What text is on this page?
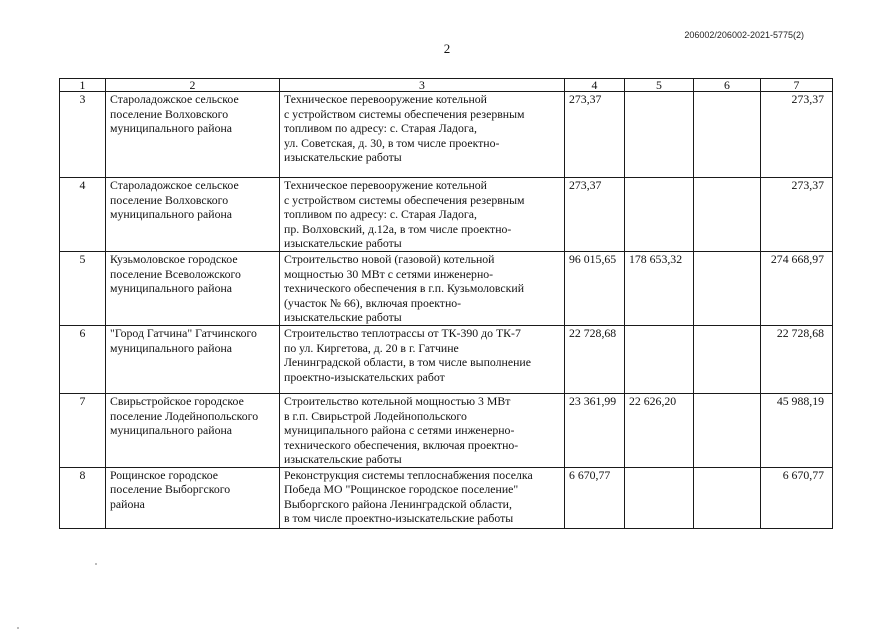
206002/206002-2021-5775(2)
2
1	2	3	4	5	6	7
3	Староладожское сельское
поселение Волховского
муниципального района	Техническое перевооружение котельной
с устройством системы обеспечения резервным
топливом по адресу: с. Старая Ладога,
ул. Советская, д. 30, в том числе проектно-
изыскательские работы	273,37			273,37
4	Староладожское сельское
поселение Волховского
муниципального района	Техническое перевооружение котельной
с устройством системы обеспечения резервным
топливом по адресу: с. Старая Ладога,
пр. Волховский, д.12а, в том числе проектно-
изыскательские работы	273,37			273,37
5	Кузьмоловское городское
поселение Всеволожского
муниципального района	Строительство новой (газовой) котельной
мощностью 30 МВт с сетями инженерно-
технического обеспечения в г.п. Кузьмоловский
(участок № 66), включая проектно-
изыскательские работы	96 015,65	178 653,32		274 668,97
6	"Город Гатчина" Гатчинского
муниципального района	Строительство теплотрассы от ТК-390 до ТК-7
по ул. Киргетова, д. 20 в г. Гатчине
Ленинградской области, в том числе выполнение
проектно-изыскательских работ	22 728,68			22 728,68
7	Свирьстройское городское
поселение Лодейнопольского
муниципального района	Строительство котельной мощностью 3 МВт
в г.п. Свирьстрой Лодейнопольского
муниципального района с сетями инженерно-
технического обеспечения, включая проектно-
изыскательские работы	23 361,99	22 626,20		45 988,19
8	Рощинское городское
поселение Выборгского
района	Реконструкция системы теплоснабжения поселка
Победа МО "Рощинское городское поселение"
Выборгского района Ленинградской области,
в том числе проектно-изыскательские работы	6 670,77			6 670,77
